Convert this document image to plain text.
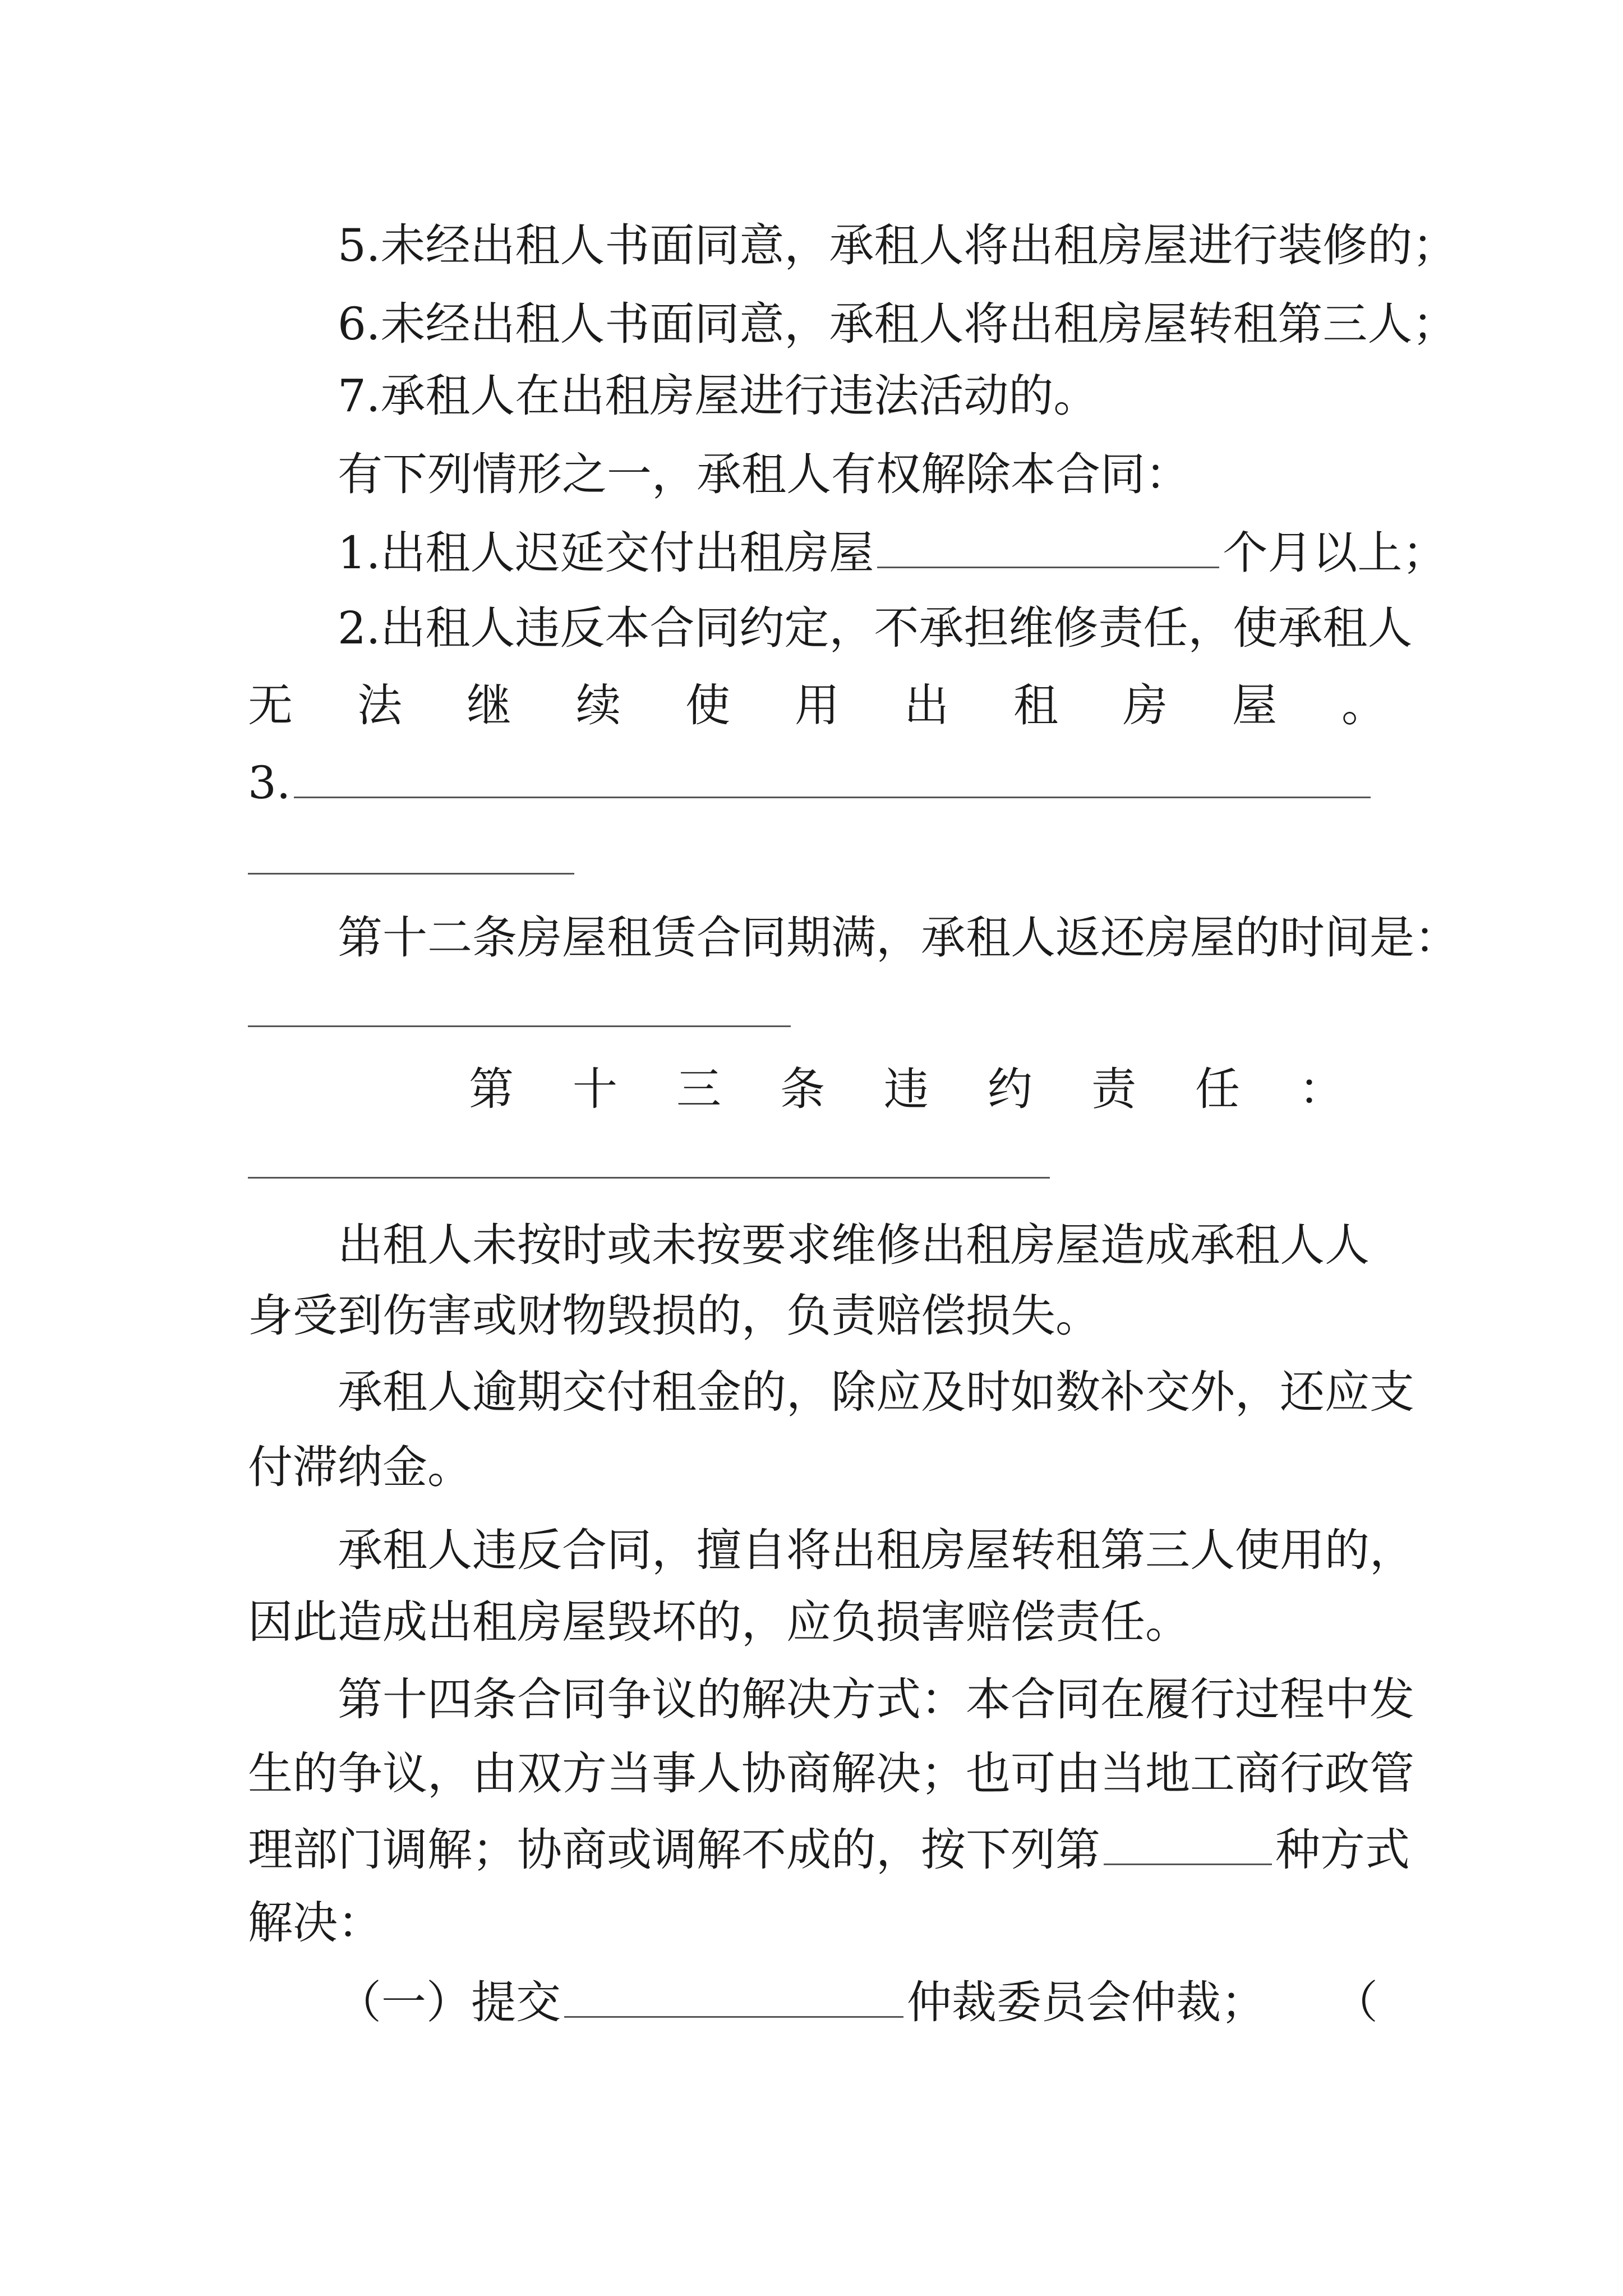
5.未经出租人书面同意，承租人将出租房屋进行装修的；
6.未经出租人书面同意，承租人将出租房屋转租第三人；
7.承租人在出租房屋进行违法活动的。
有下列情形之一，承租人有权解除本合同：
1.出租人迟延交付出租房屋	个月以上；
2.出租人违反本合同约定，不承担维修责任，使承租人
无 法 继 续 使 用 出 租 房 屋 。
3.
第十二条房屋租赁合同期满，承租人返还房屋的时间是：
第 十 三 条 违 约 责 任 ：
出租人未按时或未按要求维修出租房屋造成承租人人
身受到伤害或财物毁损的，负责赔偿损失。
承租人逾期交付租金的，除应及时如数补交外，还应支
付滞纳金。
承租人违反合同，擅自将出租房屋转租第三人使用的，
因此造成出租房屋毁坏的，应负损害赔偿责任。
第十四条合同争议的解决方式：本合同在履行过程中发
生的争议，由双方当事人协商解决；也可由当地工商行政管
理部门调解；协商或调解不成的，按下列第	种方式
解决：
（一）提交	仲裁委员会仲裁； （
